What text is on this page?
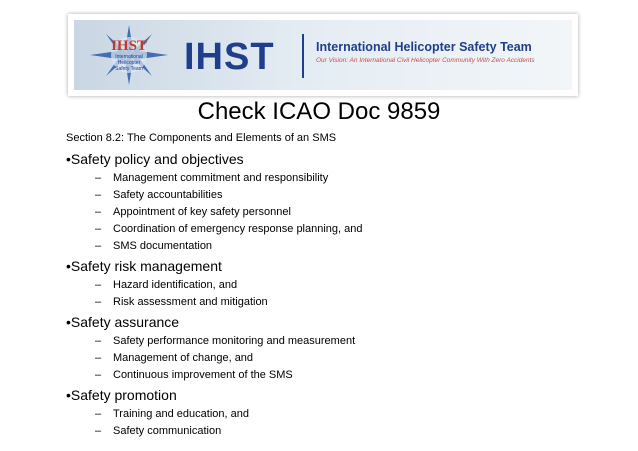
IHST
International
Helicopter
Safety Team IHST	International Helicopter Safety Team
Our Vision: An International Civil Helicopter Community With Zero Accidents
Check ICAO Doc 9859
Section 8.2: The Components and Elements of an SMS
• Safety policy and objectives
– Management commitment and responsibility
– Safety accountabilities
– Appointment of key safety personnel
– Coordination of emergency response planning, and
– SMS documentation
• Safety risk management
– Hazard identification, and
– Risk assessment and mitigation
• Safety assurance
– Safety performance monitoring and measurement
– Management of change, and
– Continuous improvement of the SMS
• Safety promotion
– Training and education, and
– Safety communication
